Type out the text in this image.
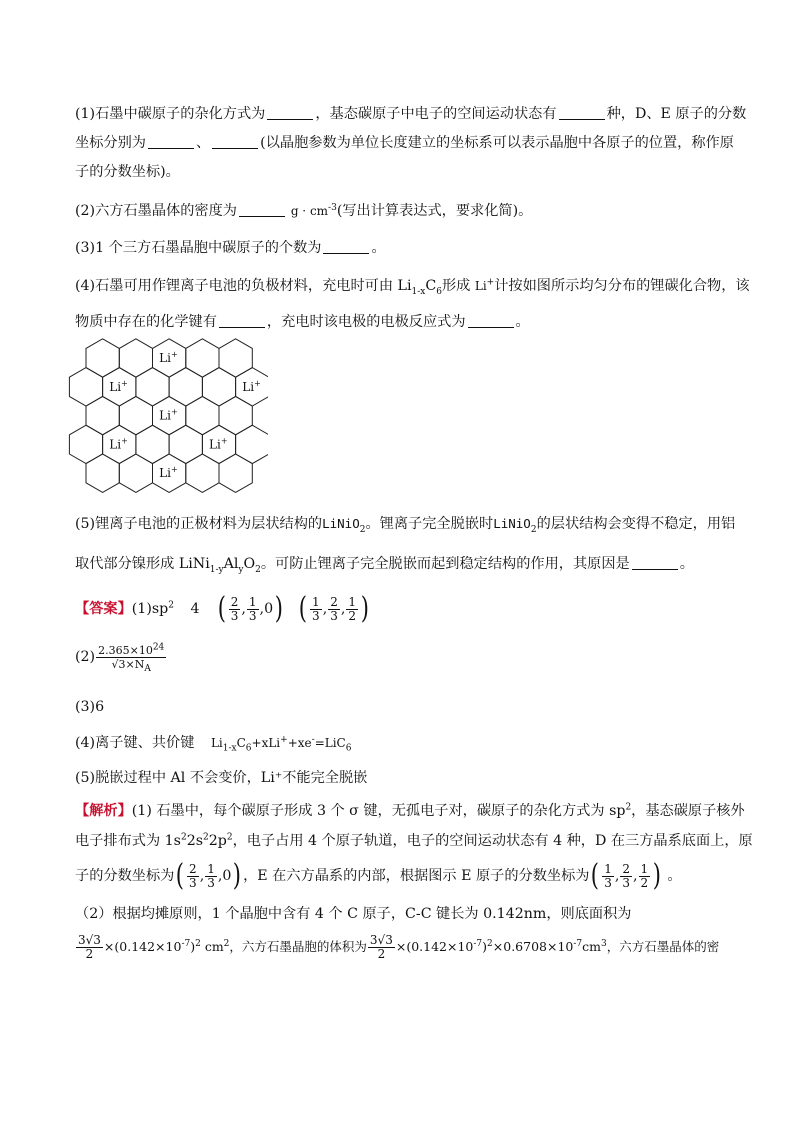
(1)石墨中碳原子的杂化方式为	，基态碳原子中电子的空间运动状态有	种，D、E 原子的分数
坐标分别为	、	(以晶胞参数为单位长度建立的坐标系可以表示晶胞中各原子的位置，称作原
子的分数坐标)。
(2)六方石墨晶体的密度为	$g \cdot cm^{-3}$(写出计算表达式，要求化简)。
(3)1 个三方石墨晶胞中碳原子的个数为	。
(4)石墨可用作锂离子电池的负极材料，充电时可由 $Li_{1-x}C_6$形成 Li+计按如图所示均匀分布的锂碳化合物，该
物质中存在的化学键有	，充电时该电极的电极反应式为	。
Li+
Li+	Li+
Li+
Li+	Li+
Li+
(5)锂离子电池的正极材料为层状结构的LiNiO$_2$。锂离子完全脱嵌时LiNiO$_2$的层状结构会变得不稳定，用铝
取代部分镍形成 $LiNi_{1-y}Al_yO_2$。可防止锂离子完全脱嵌而起到稳定结构的作用，其原因是	。
【答案】$(1)sp^2$ 4 ( $\frac{2}{3}$ , $\frac{1}{3} ,0$) ( $\frac{1}{3}$ , $\frac{2}{3}$ , $\frac{1}{2}$ )
$(2) \frac{2.365\times 10^{24}}{√3\times N_A}$
(3)6
(4)离子键、共价键 $Li_{1-x}C_6+xLi^++xe^-=LiC_6$
(5)脱嵌过程中 Al 不会变价，Li⁺不能完全脱嵌
【解析】(1) 石墨中，每个碳原子形成 3 个 σ 键，无孤电子对，碳原子的杂化方式为 $sp^2$，基态碳原子核外
电子排布式为 $1s^22s^22p^2$，电子占用 4 个原子轨道，电子的空间运动状态有 4 种，D 在三方晶系底面上，原
子的分数坐标为( $\frac{2}{3}$ , $\frac{1}{3} ,0$) ，E 在六方晶系的内部，根据图示 E 原子的分数坐标为( $\frac{1}{3}$ , $\frac{2}{3}$ , $\frac{1}{2}$ ) 。
（2）根据均摊原则，1 个晶胞中含有 4 个 C 原子，C-C 键长为 0.142nm，则底面积为
$\frac{3√3}{2} \times(0.142\times 10^{-7})^2$ $cm^2$，六方石墨晶胞的体积为 $\frac{3√3}{2} \times(0.142\times 10^{-7})^2\times 0.6708\times 10^{-7}cm^3$，六方石墨晶体的密
